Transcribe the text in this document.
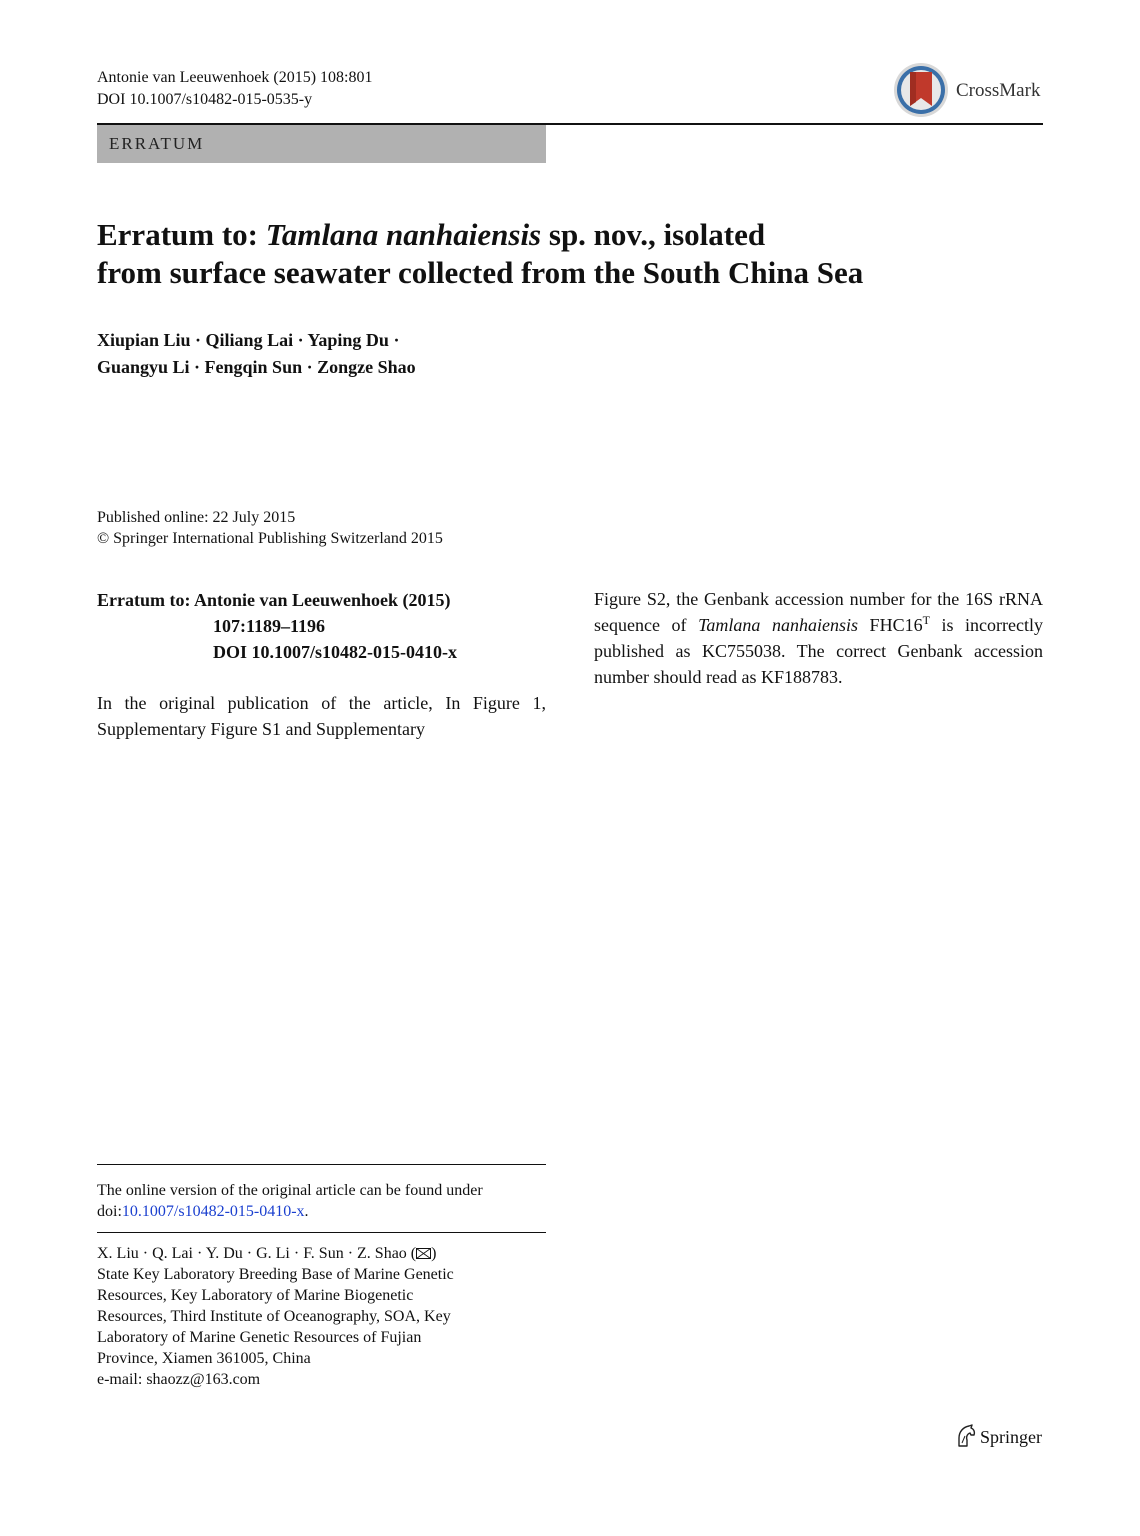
Antonie van Leeuwenhoek (2015) 108:801
DOI 10.1007/s10482-015-0535-y	CrossMark
ERRATUM
Erratum to: Tamlana nanhaiensis sp. nov., isolated
from surface seawater collected from the South China Sea
Xiupian Liu · Qiliang Lai · Yaping Du ·
Guangyu Li · Fengqin Sun · Zongze Shao
Published online: 22 July 2015
© Springer International Publishing Switzerland 2015
Erratum to: Antonie van Leeuwenhoek (2015)
107:1189–1196
DOI 10.1007/s10482-015-0410-x
In the original publication of the article, In Figure 1, Supplementary Figure S1 and Supplementary
Figure S2, the Genbank accession number for the 16S rRNA sequence of Tamlana nanhaiensis $FHC16^T$ is incorrectly published as KC755038. The correct Genbank accession number should read as KF188783.
The online version of the original article can be found under doi:10.1007/s10482-015-0410-x.
X. Liu · Q. Lai · Y. Du · G. Li · F. Sun · Z. Shao ( )
State Key Laboratory Breeding Base of Marine Genetic
Resources, Key Laboratory of Marine Biogenetic
Resources, Third Institute of Oceanography, SOA, Key
Laboratory of Marine Genetic Resources of Fujian
Province, Xiamen 361005, China
e-mail: shaozz@163.com
Springer
